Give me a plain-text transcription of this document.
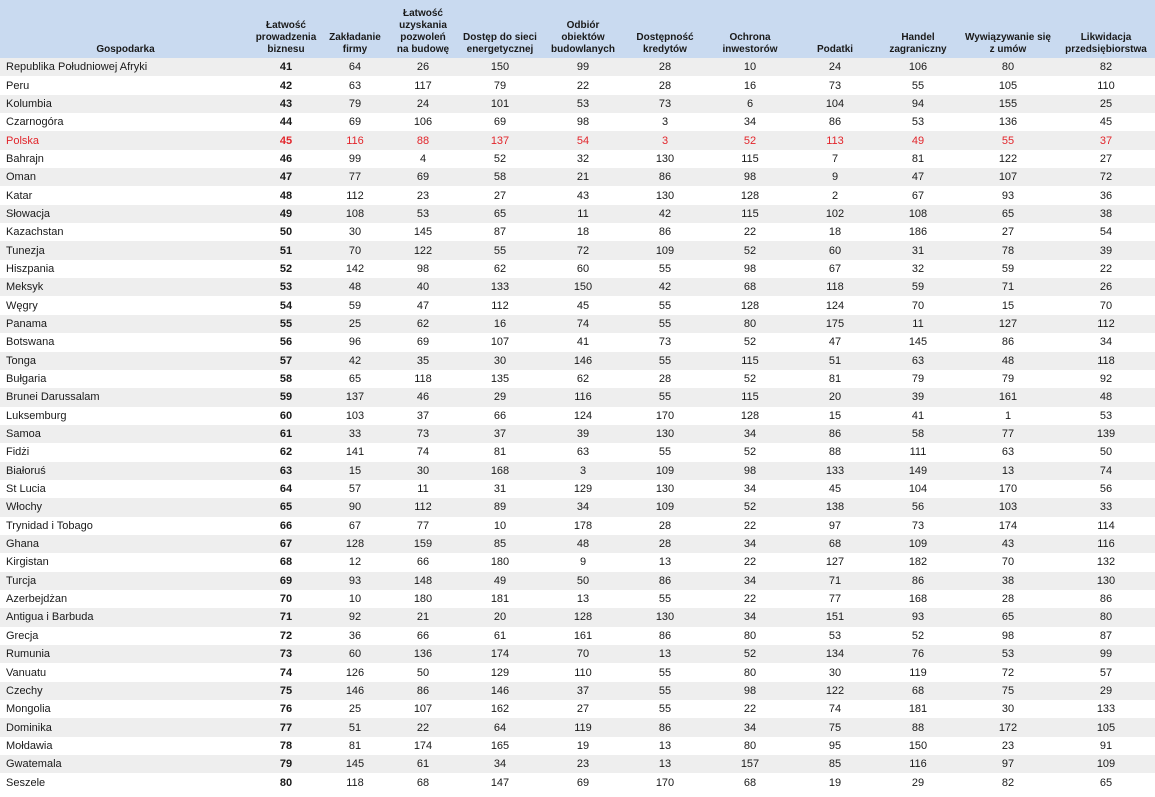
Gospodarka	Łatwość
prowadzenia
biznesu	Zakładanie
firmy	Łatwość
uzyskania
pozwoleń
na budowę	Dostęp do sieci
energetycznej	Odbiór
obiektów
budowlanych	Dostępność
kredytów	Ochrona
inwestorów	Podatki	Handel
zagraniczny	Wywiązywanie się
z umów	Likwidacja
przedsiębiorstwa
Republika Południowej Afryki	41	64	26	150	99	28	10	24	106	80	82
Peru	42	63	117	79	22	28	16	73	55	105	110
Kolumbia	43	79	24	101	53	73	6	104	94	155	25
Czarnogóra	44	69	106	69	98	3	34	86	53	136	45
Polska	45	116	88	137	54	3	52	113	49	55	37
Bahrajn	46	99	4	52	32	130	115	7	81	122	27
Oman	47	77	69	58	21	86	98	9	47	107	72
Katar	48	112	23	27	43	130	128	2	67	93	36
Słowacja	49	108	53	65	11	42	115	102	108	65	38
Kazachstan	50	30	145	87	18	86	22	18	186	27	54
Tunezja	51	70	122	55	72	109	52	60	31	78	39
Hiszpania	52	142	98	62	60	55	98	67	32	59	22
Meksyk	53	48	40	133	150	42	68	118	59	71	26
Węgry	54	59	47	112	45	55	128	124	70	15	70
Panama	55	25	62	16	74	55	80	175	11	127	112
Botswana	56	96	69	107	41	73	52	47	145	86	34
Tonga	57	42	35	30	146	55	115	51	63	48	118
Bułgaria	58	65	118	135	62	28	52	81	79	79	92
Brunei Darussalam	59	137	46	29	116	55	115	20	39	161	48
Luksemburg	60	103	37	66	124	170	128	15	41	1	53
Samoa	61	33	73	37	39	130	34	86	58	77	139
Fidżi	62	141	74	81	63	55	52	88	111	63	50
Białoruś	63	15	30	168	3	109	98	133	149	13	74
St Lucia	64	57	11	31	129	130	34	45	104	170	56
Włochy	65	90	112	89	34	109	52	138	56	103	33
Trynidad i Tobago	66	67	77	10	178	28	22	97	73	174	114
Ghana	67	128	159	85	48	28	34	68	109	43	116
Kirgistan	68	12	66	180	9	13	22	127	182	70	132
Turcja	69	93	148	49	50	86	34	71	86	38	130
Azerbejdżan	70	10	180	181	13	55	22	77	168	28	86
Antigua i Barbuda	71	92	21	20	128	130	34	151	93	65	80
Grecja	72	36	66	61	161	86	80	53	52	98	87
Rumunia	73	60	136	174	70	13	52	134	76	53	99
Vanuatu	74	126	50	129	110	55	80	30	119	72	57
Czechy	75	146	86	146	37	55	98	122	68	75	29
Mongolia	76	25	107	162	27	55	22	74	181	30	133
Dominika	77	51	22	64	119	86	34	75	88	172	105
Mołdawia	78	81	174	165	19	13	80	95	150	23	91
Gwatemala	79	145	61	34	23	13	157	85	116	97	109
Seszele	80	118	68	147	69	170	68	19	29	82	65
